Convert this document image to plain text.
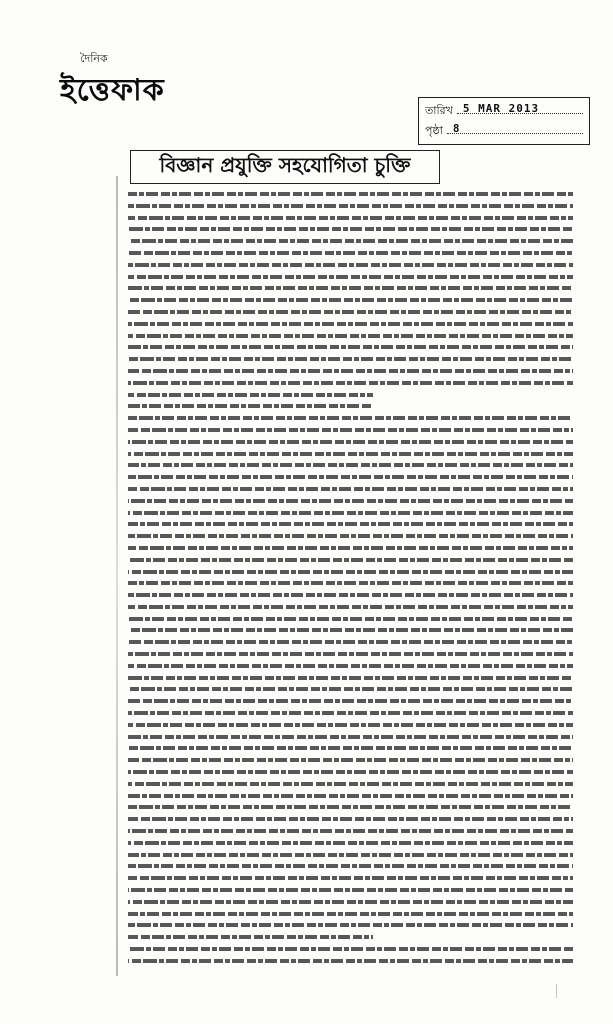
দৈনিক
ইত্তেফাক
তারিখ 5 MAR 2013
পৃষ্ঠা 8
বিজ্ঞান প্রযুক্তি সহযোগিতা চুক্তি
